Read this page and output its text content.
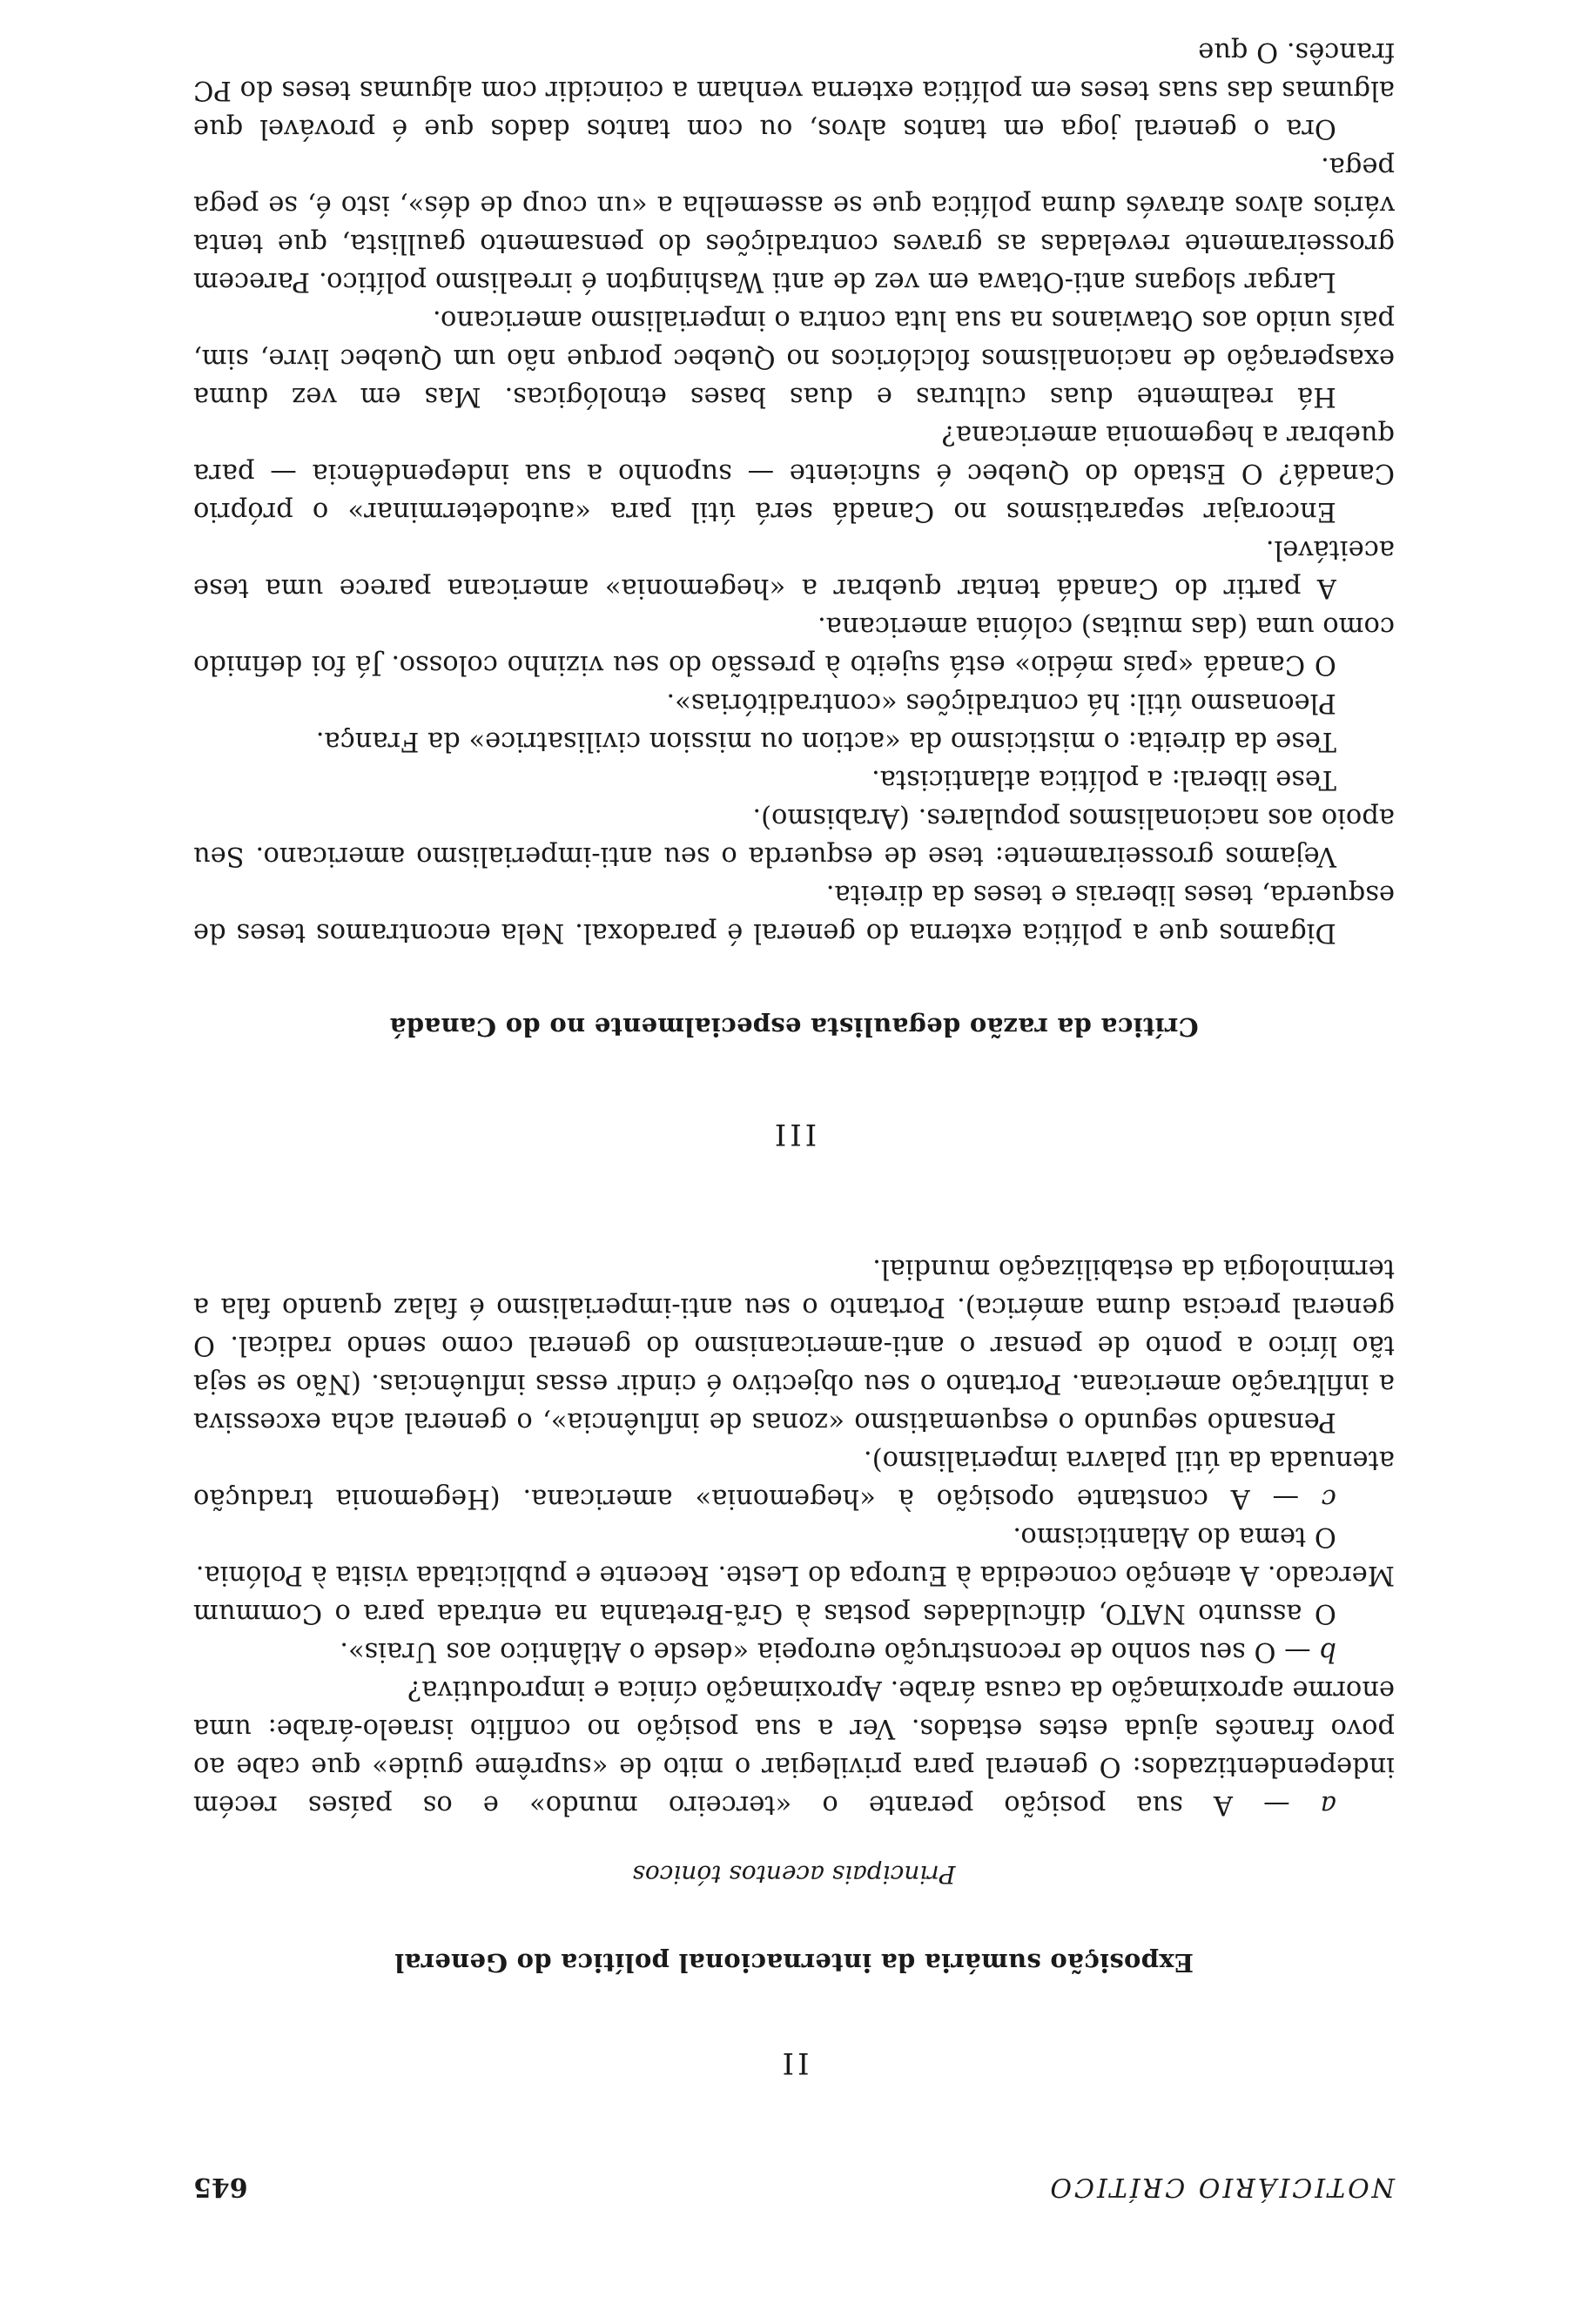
NOTICIÁRIO CRÍTICO
645
II
Exposição sumária da internacional política do General
Principais acentos tónicos

a — A sua posição perante o «terceiro mundo» e os países recém independentizados: O general para privilegiar o mito de «suprême guide» que cabe ao povo francês ajuda estes estados. Ver a sua posição no conflito israelo-árabe: uma enorme aproximação da causa árabe. Aproximação cínica e improdutiva?

b — O seu sonho de reconstrução europeia «desde o Atlântico aos Urais».

O assunto NATO, dificuldades postas à Grã-Bretanha na entrada para o Commum Mercado. A atenção concedida à Europa do Leste. Recente e publicitada visita à Polónia.

O tema do Atlanticismo.

c — A constante oposição à «hegemonia» americana. (Hegemonia tradução atenuada da útil palavra imperialismo).

Pensando segundo o esquematismo «zonas de influência», o general acha excessiva a infiltração americana. Portanto o seu objectivo é cindir essas influências. (Não se seja tão lírico a ponto de pensar o anti-americanismo do general como sendo radical. O general precisa duma américa). Portanto o seu anti-imperialismo é falaz quando fala a terminologia da estabilização mundial.

III
Crítica da razão degaulista especialmente no do Canadá

Digamos que a política externa do general é paradoxal. Nela encontramos teses de esquerda, teses liberais e teses da direita.

Vejamos grosseiramente: tese de esquerda o seu anti-imperialismo americano. Seu apoio aos nacionalismos populares. (Arabismo).

Tese liberal: a política atlanticista.

Tese da direita: o misticismo da «action ou mission civilisatrice» da França.

Pleonasmo útil: há contradições «contraditórias».

O Canadá «país médio» está sujeito à pressão do seu vizinho colosso. Já foi definido como uma (das muitas) colónia americana.

A partir do Canadá tentar quebrar a «hegemonia» americana parece uma tese aceitável.

Encorajar separatismos no Canadá será útil para «autodeterminar» o próprio Canadá? O Estado do Quebec é suficiente — suponho a sua independência — para quebrar a hegemonia americana?

Há realmente duas culturas e duas bases etnológicas. Mas em vez duma exasperação de nacionalismos folclóricos no Quebec porque não um Quebec livre, sim, país unido aos Otawianos na sua luta contra o imperialismo americano.

Largar slogans anti-Otawa em vez de anti Washington é irrealismo político. Parecem grosseiramente reveladas as graves contradições do pensamento gaullista, que tenta vários alvos através duma política que se assemelha a «un coup de dés», isto é, se pega pega.

Ora o general joga em tantos alvos, ou com tantos dados que é provável que algumas das suas teses em política externa venham a coincidir com algumas teses do PC francês. O que
